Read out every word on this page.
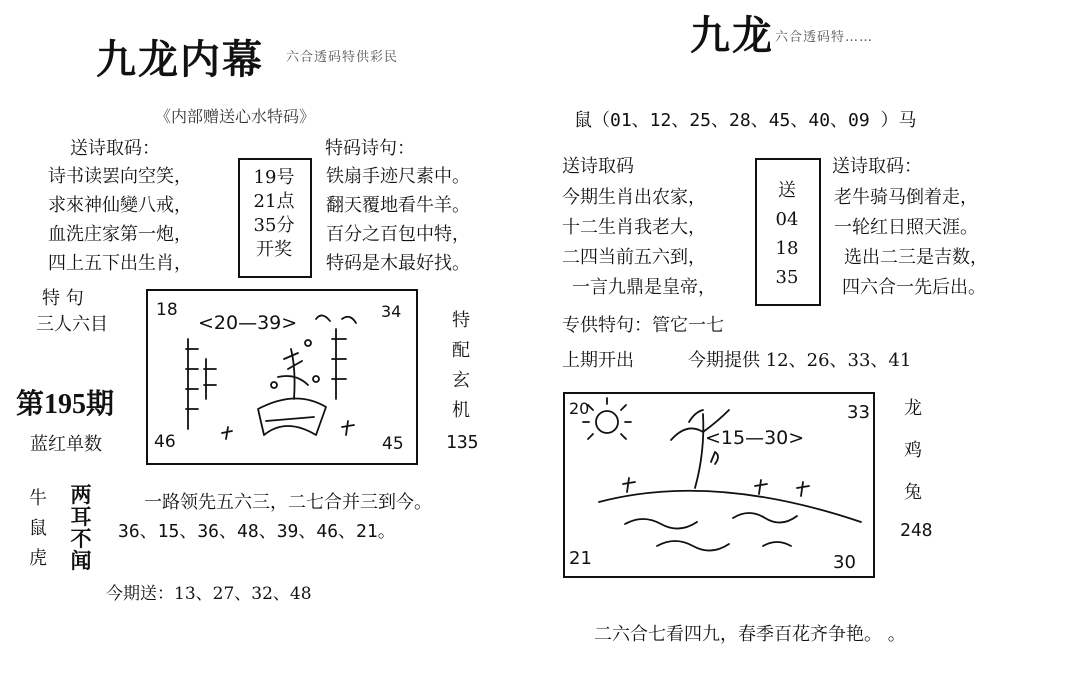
九龙内幕 六合透码特供彩民
《内部赠送心水特码》
送诗取码：	特码诗句：
诗书读罢向空笑，
求來神仙變八戒，
血洗庄家第一炮，
四上五下出生肖，
19号
21点
35分
开奖
铁扇手迹尺素中。
翻天覆地看牛羊。
百分之百包中特，
特码是木最好找。
特 句
三人六目
第195期
蓝红单数
18
<20—39>
34
46	45
特
配
玄
机
135
牛
鼠
虎
两
耳
不
闻
一路领先五六三，二七合并三到今。
36、15、36、48、39、46、21。
今期送：13、27、32、48
九龙 六合透码特……
鼠（01、12、25、28、45、40、09 ）马
送诗取码	送诗取码：
今期生肖出农家，
十二生肖我老大，
二四当前五六到，
一言九鼎是皇帝，
送
04
18
35
老牛骑马倒着走，
一轮红日照天涯。
选出二三是吉数，
四六合一先后出。
专供特句：管它一七
上期开出	今期提供 12、26、33、41
20
<15—30>
33
21	30
龙
鸡
兔
248
二六合七看四九，春季百花齐争艳。 。
